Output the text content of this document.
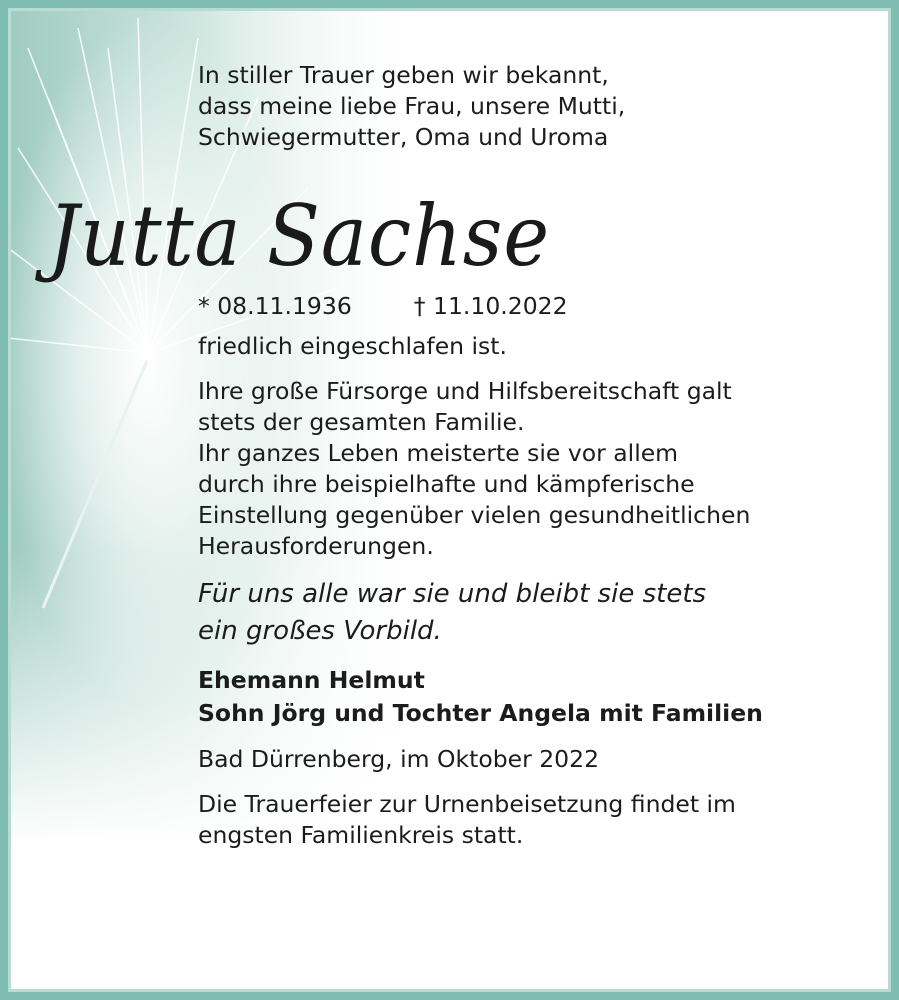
Jutta Sachse
* 08.11.1936	† 11.10.2022
In stiller Trauer geben wir bekannt,
dass meine liebe Frau, unsere Mutti,
Schwiegermutter, Oma und Uroma
friedlich eingeschlafen ist.
Ihre große Fürsorge und Hilfsbereitschaft galt
stets der gesamten Familie.
Ihr ganzes Leben meisterte sie vor allem
durch ihre beispielhafte und kämpferische
Einstellung gegenüber vielen gesundheitlichen
Herausforderungen.
Für uns alle war sie und bleibt sie stets
ein großes Vorbild.
Ehemann Helmut
Sohn Jörg und Tochter Angela mit Familien
Bad Dürrenberg, im Oktober 2022
Die Trauerfeier zur Urnenbeisetzung findet im
engsten Familienkreis statt.
